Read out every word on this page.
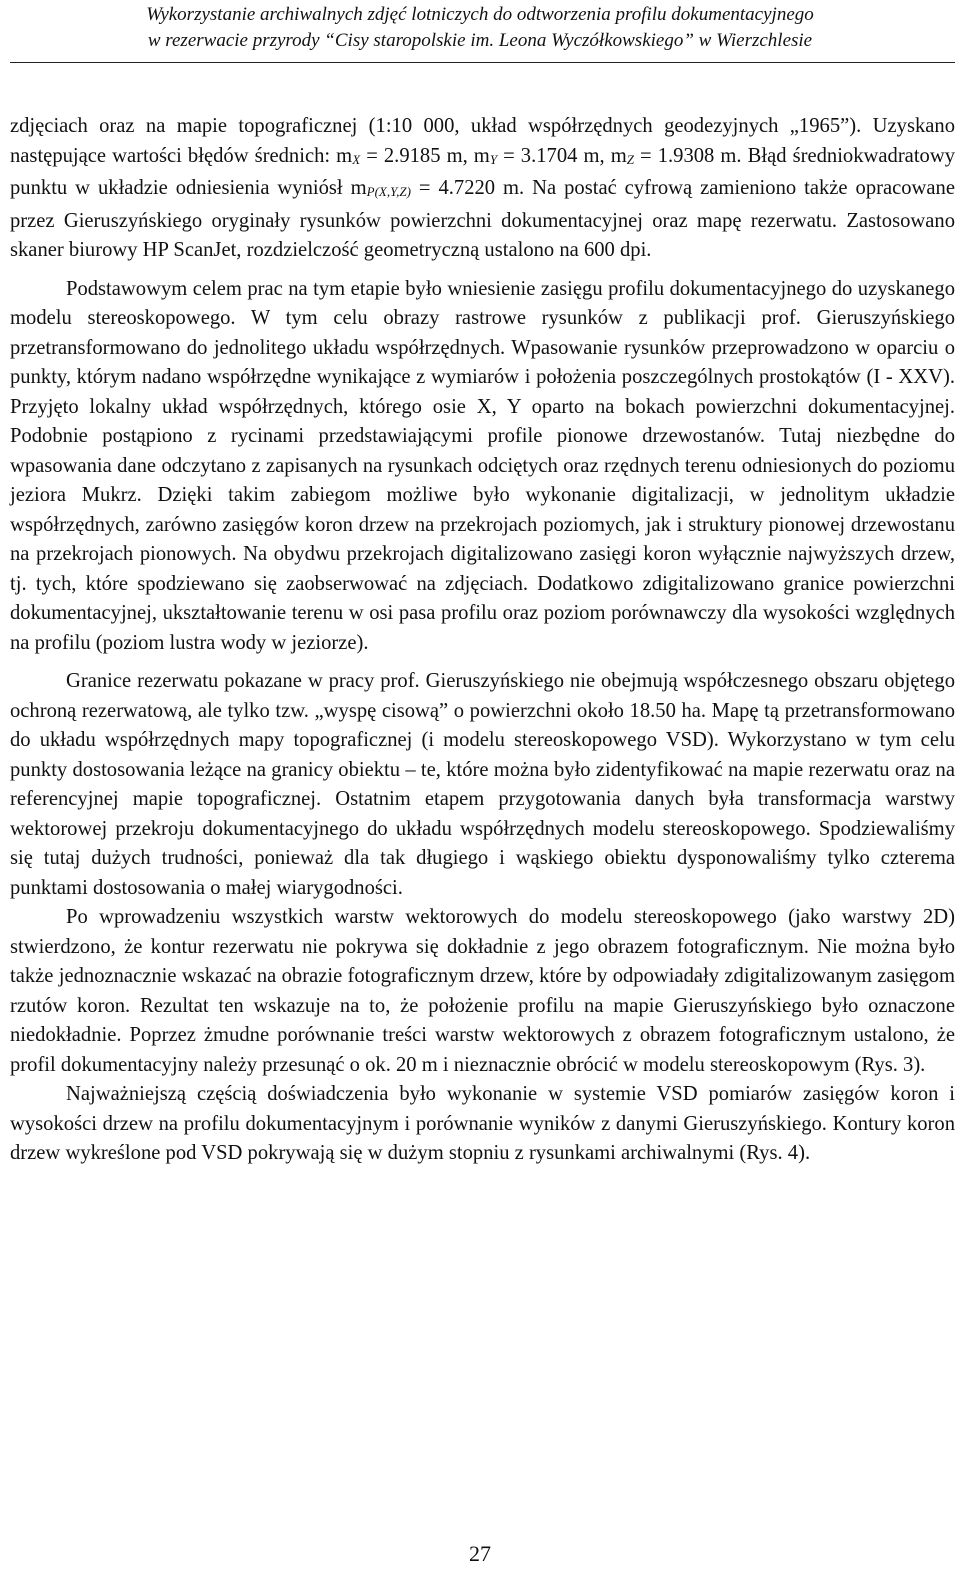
Wykorzystanie archiwalnych zdjęć lotniczych do odtworzenia profilu dokumentacyjnego
w rezerwacie przyrody “Cisy staropolskie im. Leona Wyczółkowskiego” w Wierzchlesie

zdjęciach oraz na mapie topograficznej (1:10 000, układ współrzędnych geodezyjnych „1965”). Uzyskano następujące wartości błędów średnich: $m_X = 2.9185$ m, $m_Y = 3.1704$ m, $m_Z = 1.9308$ m. Błąd średniokwadratowy punktu w układzie odniesienia wyniósł $m_{P(X,Y,Z)} = 4.7220$ m. Na postać cyfrową zamieniono także opracowane przez Gieruszyńskiego oryginały rysunków powierzchni dokumentacyjnej oraz mapę rezerwatu. Zastosowano skaner biurowy HP ScanJet, rozdzielczość geometryczną ustalono na 600 dpi.

Podstawowym celem prac na tym etapie było wniesienie zasięgu profilu dokumentacyjnego do uzyskanego modelu stereoskopowego. W tym celu obrazy rastrowe rysunków z publikacji prof. Gieruszyńskiego przetransformowano do jednolitego układu współrzędnych. Wpasowanie rysunków przeprowadzono w oparciu o punkty, którym nadano współrzędne wynikające z wymiarów i położenia poszczególnych prostokątów (I - XXV). Przyjęto lokalny układ współrzędnych, którego osie X, Y oparto na bokach powierzchni dokumentacyjnej. Podobnie postąpiono z rycinami przedstawiającymi profile pionowe drzewostanów. Tutaj niezbędne do wpasowania dane odczytano z zapisanych na rysunkach odciętych oraz rzędnych terenu odniesionych do poziomu jeziora Mukrz. Dzięki takim zabiegom możliwe było wykonanie digitalizacji, w jednolitym układzie współrzędnych, zarówno zasięgów koron drzew na przekrojach poziomych, jak i struktury pionowej drzewostanu na przekrojach pionowych. Na obydwu przekrojach digitalizowano zasięgi koron wyłącznie najwyższych drzew, tj. tych, które spodziewano się zaobserwować na zdjęciach. Dodatkowo zdigitalizowano granice powierzchni dokumentacyjnej, ukształtowanie terenu w osi pasa profilu oraz poziom porównawczy dla wysokości względnych na profilu (poziom lustra wody w jeziorze).

Granice rezerwatu pokazane w pracy prof. Gieruszyńskiego nie obejmują współczesnego obszaru objętego ochroną rezerwatową, ale tylko tzw. „wyspę cisową” o powierzchni około 18.50 ha. Mapę tą przetransformowano do układu współrzędnych mapy topograficznej (i modelu stereoskopowego VSD). Wykorzystano w tym celu punkty dostosowania leżące na granicy obiektu – te, które można było zidentyfikować na mapie rezerwatu oraz na referencyjnej mapie topograficznej. Ostatnim etapem przygotowania danych była transformacja warstwy wektorowej przekroju dokumentacyjnego do układu współrzędnych modelu stereoskopowego. Spodziewaliśmy się tutaj dużych trudności, ponieważ dla tak długiego i wąskiego obiektu dysponowaliśmy tylko czterema punktami dostosowania o małej wiarygodności.

Po wprowadzeniu wszystkich warstw wektorowych do modelu stereoskopowego (jako warstwy 2D) stwierdzono, że kontur rezerwatu nie pokrywa się dokładnie z jego obrazem fotograficznym. Nie można było także jednoznacznie wskazać na obrazie fotograficznym drzew, które by odpowiadały zdigitalizowanym zasięgom rzutów koron. Rezultat ten wskazuje na to, że położenie profilu na mapie Gieruszyńskiego było oznaczone niedokładnie. Poprzez żmudne porównanie treści warstw wektorowych z obrazem fotograficznym ustalono, że profil dokumentacyjny należy przesunąć o ok. 20 m i nieznacznie obrócić w modelu stereoskopowym (Rys. 3).

Najważniejszą częścią doświadczenia było wykonanie w systemie VSD pomiarów zasięgów koron i wysokości drzew na profilu dokumentacyjnym i porównanie wyników z danymi Gieruszyńskiego. Kontury koron drzew wykreślone pod VSD pokrywają się w dużym stopniu z rysunkami archiwalnymi (Rys. 4).

27
